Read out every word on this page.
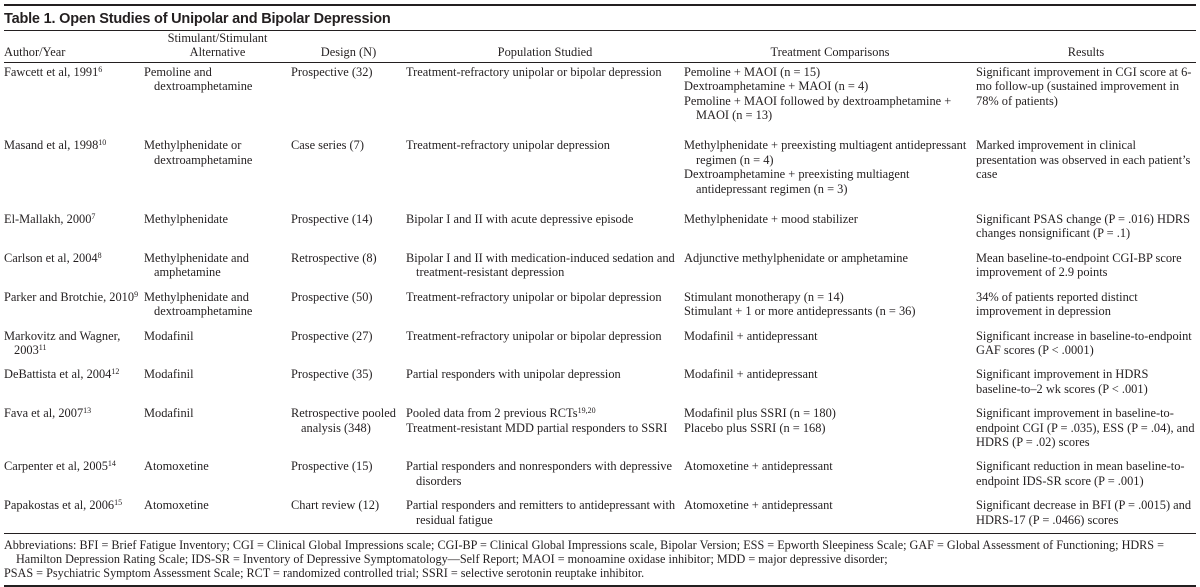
Table 1. Open Studies of Unipolar and Bipolar Depression
Author/Year	Stimulant/Stimulant
Alternative	Design (N)	Population Studied	Treatment Comparisons	Results

Fawcett et al, 1991$^6$	Pemoline and dextroamphetamine	Prospective (32)	Treatment-refractory unipolar or bipolar depression	Pemoline + MAOI (n = 15)
Dextroamphetamine + MAOI (n = 4)
Pemoline + MAOI followed by dextroamphetamine + MAOI (n = 13)	Significant improvement in CGI score at 6-mo follow-up (sustained improvement in 78% of patients)

Masand et al, 1998$^{10}$	Methylphenidate or dextroamphetamine	Case series (7)	Treatment-refractory unipolar depression	Methylphenidate + preexisting multiagent antidepressant regimen (n = 4)
Dextroamphetamine + preexisting multiagent antidepressant regimen (n = 3)	Marked improvement in clinical presentation was observed in each patient’s case

El-Mallakh, 2000$^7$	Methylphenidate	Prospective (14)	Bipolar I and II with acute depressive episode	Methylphenidate + mood stabilizer	Significant PSAS change (P = .016) HDRS changes nonsignificant (P = .1)

Carlson et al, 2004$^8$	Methylphenidate and amphetamine	Retrospective (8)	Bipolar I and II with medication-induced sedation and treatment-resistant depression	Adjunctive methylphenidate or amphetamine	Mean baseline-to-endpoint CGI-BP score improvement of 2.9 points

Parker and Brotchie, 2010$^9$	Methylphenidate and dextroamphetamine	Prospective (50)	Treatment-refractory unipolar or bipolar depression	Stimulant monotherapy (n = 14)
Stimulant + 1 or more antidepressants (n = 36)	34% of patients reported distinct improvement in depression

Markovitz and Wagner, 2003$^{11}$	Modafinil	Prospective (27)	Treatment-refractory unipolar or bipolar depression	Modafinil + antidepressant	Significant increase in baseline-to-endpoint GAF scores (P < .0001)

DeBattista et al, 2004$^{12}$	Modafinil	Prospective (35)	Partial responders with unipolar depression	Modafinil + antidepressant	Significant improvement in HDRS baseline-to–2 wk scores (P < .001)

Fava et al, 2007$^{13}$	Modafinil	Retrospective pooled analysis (348)	Pooled data from 2 previous RCTs$^{19,20}$
Treatment-resistant MDD partial responders to SSRI	Modafinil plus SSRI (n = 180)
Placebo plus SSRI (n = 168)	Significant improvement in baseline-to-endpoint CGI (P = .035), ESS (P = .04), and HDRS (P = .02) scores

Carpenter et al, 2005$^{14}$	Atomoxetine	Prospective (15)	Partial responders and nonresponders with depressive disorders	Atomoxetine + antidepressant	Significant reduction in mean baseline-to-endpoint IDS-SR score (P = .001)

Papakostas et al, 2006$^{15}$	Atomoxetine	Chart review (12)	Partial responders and remitters to antidepressant with residual fatigue	Atomoxetine + antidepressant	Significant decrease in BFI (P = .0015) and HDRS-17 (P = .0466) scores
Abbreviations: BFI = Brief Fatigue Inventory; CGI = Clinical Global Impressions scale; CGI-BP = Clinical Global Impressions scale, Bipolar Version; ESS = Epworth Sleepiness Scale; GAF = Global Assessment of Functioning; HDRS = Hamilton Depression Rating Scale; IDS-SR = Inventory of Depressive Symptomatology—Self Report; MAOI = monoamine oxidase inhibitor; MDD = major depressive disorder;
PSAS = Psychiatric Symptom Assessment Scale; RCT = randomized controlled trial; SSRI = selective serotonin reuptake inhibitor.
